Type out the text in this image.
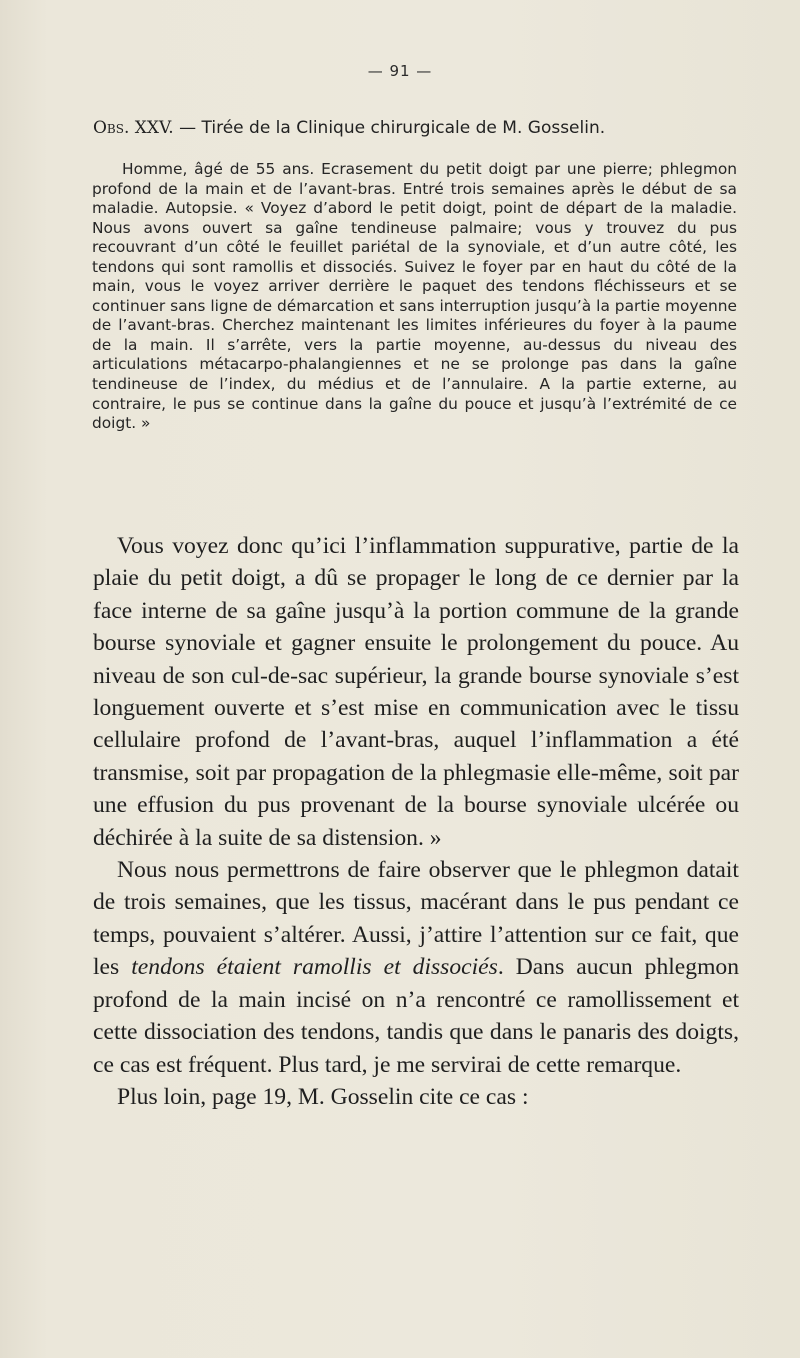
— 91 —
Obs. XXV. — Tirée de la Clinique chirurgicale de M. Gosselin.
Homme, âgé de 55 ans. Ecrasement du petit doigt par une pierre; phlegmon profond de la main et de l’avant-bras. Entré trois semaines après le début de sa maladie. Autopsie. « Voyez d’abord le petit doigt, point de départ de la maladie. Nous avons ouvert sa gaîne tendineuse palmaire; vous y trouvez du pus recouvrant d’un côté le feuillet pariétal de la synoviale, et d’un autre côté, les tendons qui sont ramollis et dissociés. Suivez le foyer par en haut du côté de la main, vous le voyez arriver derrière le paquet des tendons fléchisseurs et se continuer sans ligne de démarcation et sans interruption jusqu’à la partie moyenne de l’avant-bras. Cherchez maintenant les limites inférieures du foyer à la paume de la main. Il s’arrête, vers la partie moyenne, au-dessus du niveau des articulations métacarpo-phalangiennes et ne se prolonge pas dans la gaîne tendineuse de l’index, du médius et de l’annulaire. A la partie externe, au contraire, le pus se continue dans la gaîne du pouce et jusqu’à l’extrémité de ce doigt. »

Vous voyez donc qu’ici l’inflammation suppurative, partie de la plaie du petit doigt, a dû se propager le long de ce dernier par la face interne de sa gaîne jusqu’à la portion commune de la grande bourse synoviale et gagner ensuite le prolongement du pouce. Au niveau de son cul-de-sac supérieur, la grande bourse synoviale s’est longuement ouverte et s’est mise en communication avec le tissu cellulaire profond de l’avant-bras, auquel l’inflammation a été transmise, soit par propagation de la phlegmasie elle-même, soit par une effusion du pus provenant de la bourse synoviale ulcérée ou déchirée à la suite de sa distension. »

Nous nous permettrons de faire observer que le phlegmon datait de trois semaines, que les tissus, macérant dans le pus pendant ce temps, pouvaient s’altérer. Aussi, j’attire l’attention sur ce fait, que les tendons étaient ramollis et dissociés. Dans aucun phlegmon profond de la main incisé on n’a rencontré ce ramollissement et cette dissociation des tendons, tandis que dans le panaris des doigts, ce cas est fréquent. Plus tard, je me servirai de cette remarque.

Plus loin, page 19, M. Gosselin cite ce cas :
